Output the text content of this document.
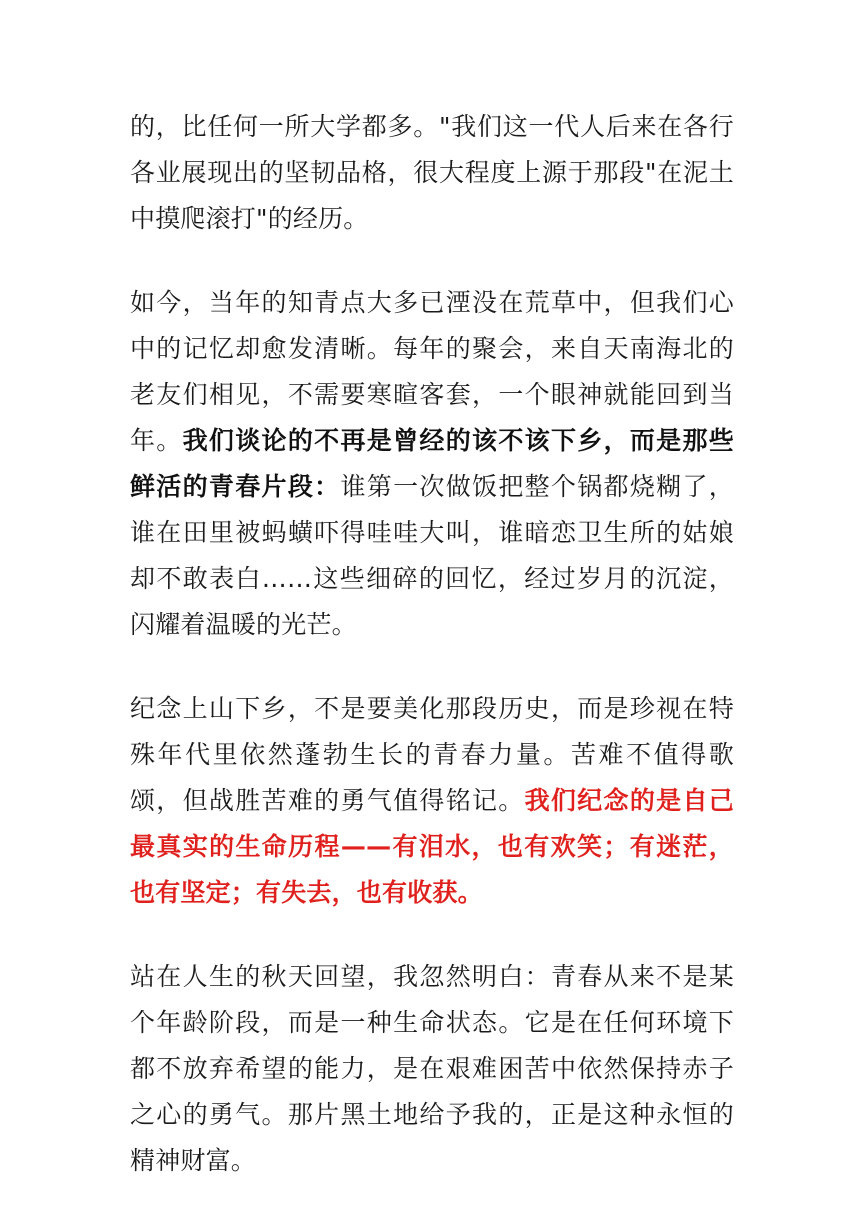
的，比任何一所大学都多。"我们这一代人后来在各行各业展现出的坚韧品格，很大程度上源于那段"在泥土中摸爬滚打"的经历。

如今，当年的知青点大多已湮没在荒草中，但我们心中的记忆却愈发清晰。每年的聚会，来自天南海北的老友们相见，不需要寒暄客套，一个眼神就能回到当年。我们谈论的不再是曾经的该不该下乡，而是那些鲜活的青春片段：谁第一次做饭把整个锅都烧糊了，谁在田里被蚂蟥吓得哇哇大叫，谁暗恋卫生所的姑娘却不敢表白……这些细碎的回忆，经过岁月的沉淀，闪耀着温暖的光芒。

纪念上山下乡，不是要美化那段历史，而是珍视在特殊年代里依然蓬勃生长的青春力量。苦难不值得歌颂，但战胜苦难的勇气值得铭记。我们纪念的是自己最真实的生命历程——有泪水，也有欢笑；有迷茫，也有坚定；有失去，也有收获。

站在人生的秋天回望，我忽然明白：青春从来不是某个年龄阶段，而是一种生命状态。它是在任何环境下都不放弃希望的能力，是在艰难困苦中依然保持赤子之心的勇气。那片黑土地给予我的，正是这种永恒的精神财富。
